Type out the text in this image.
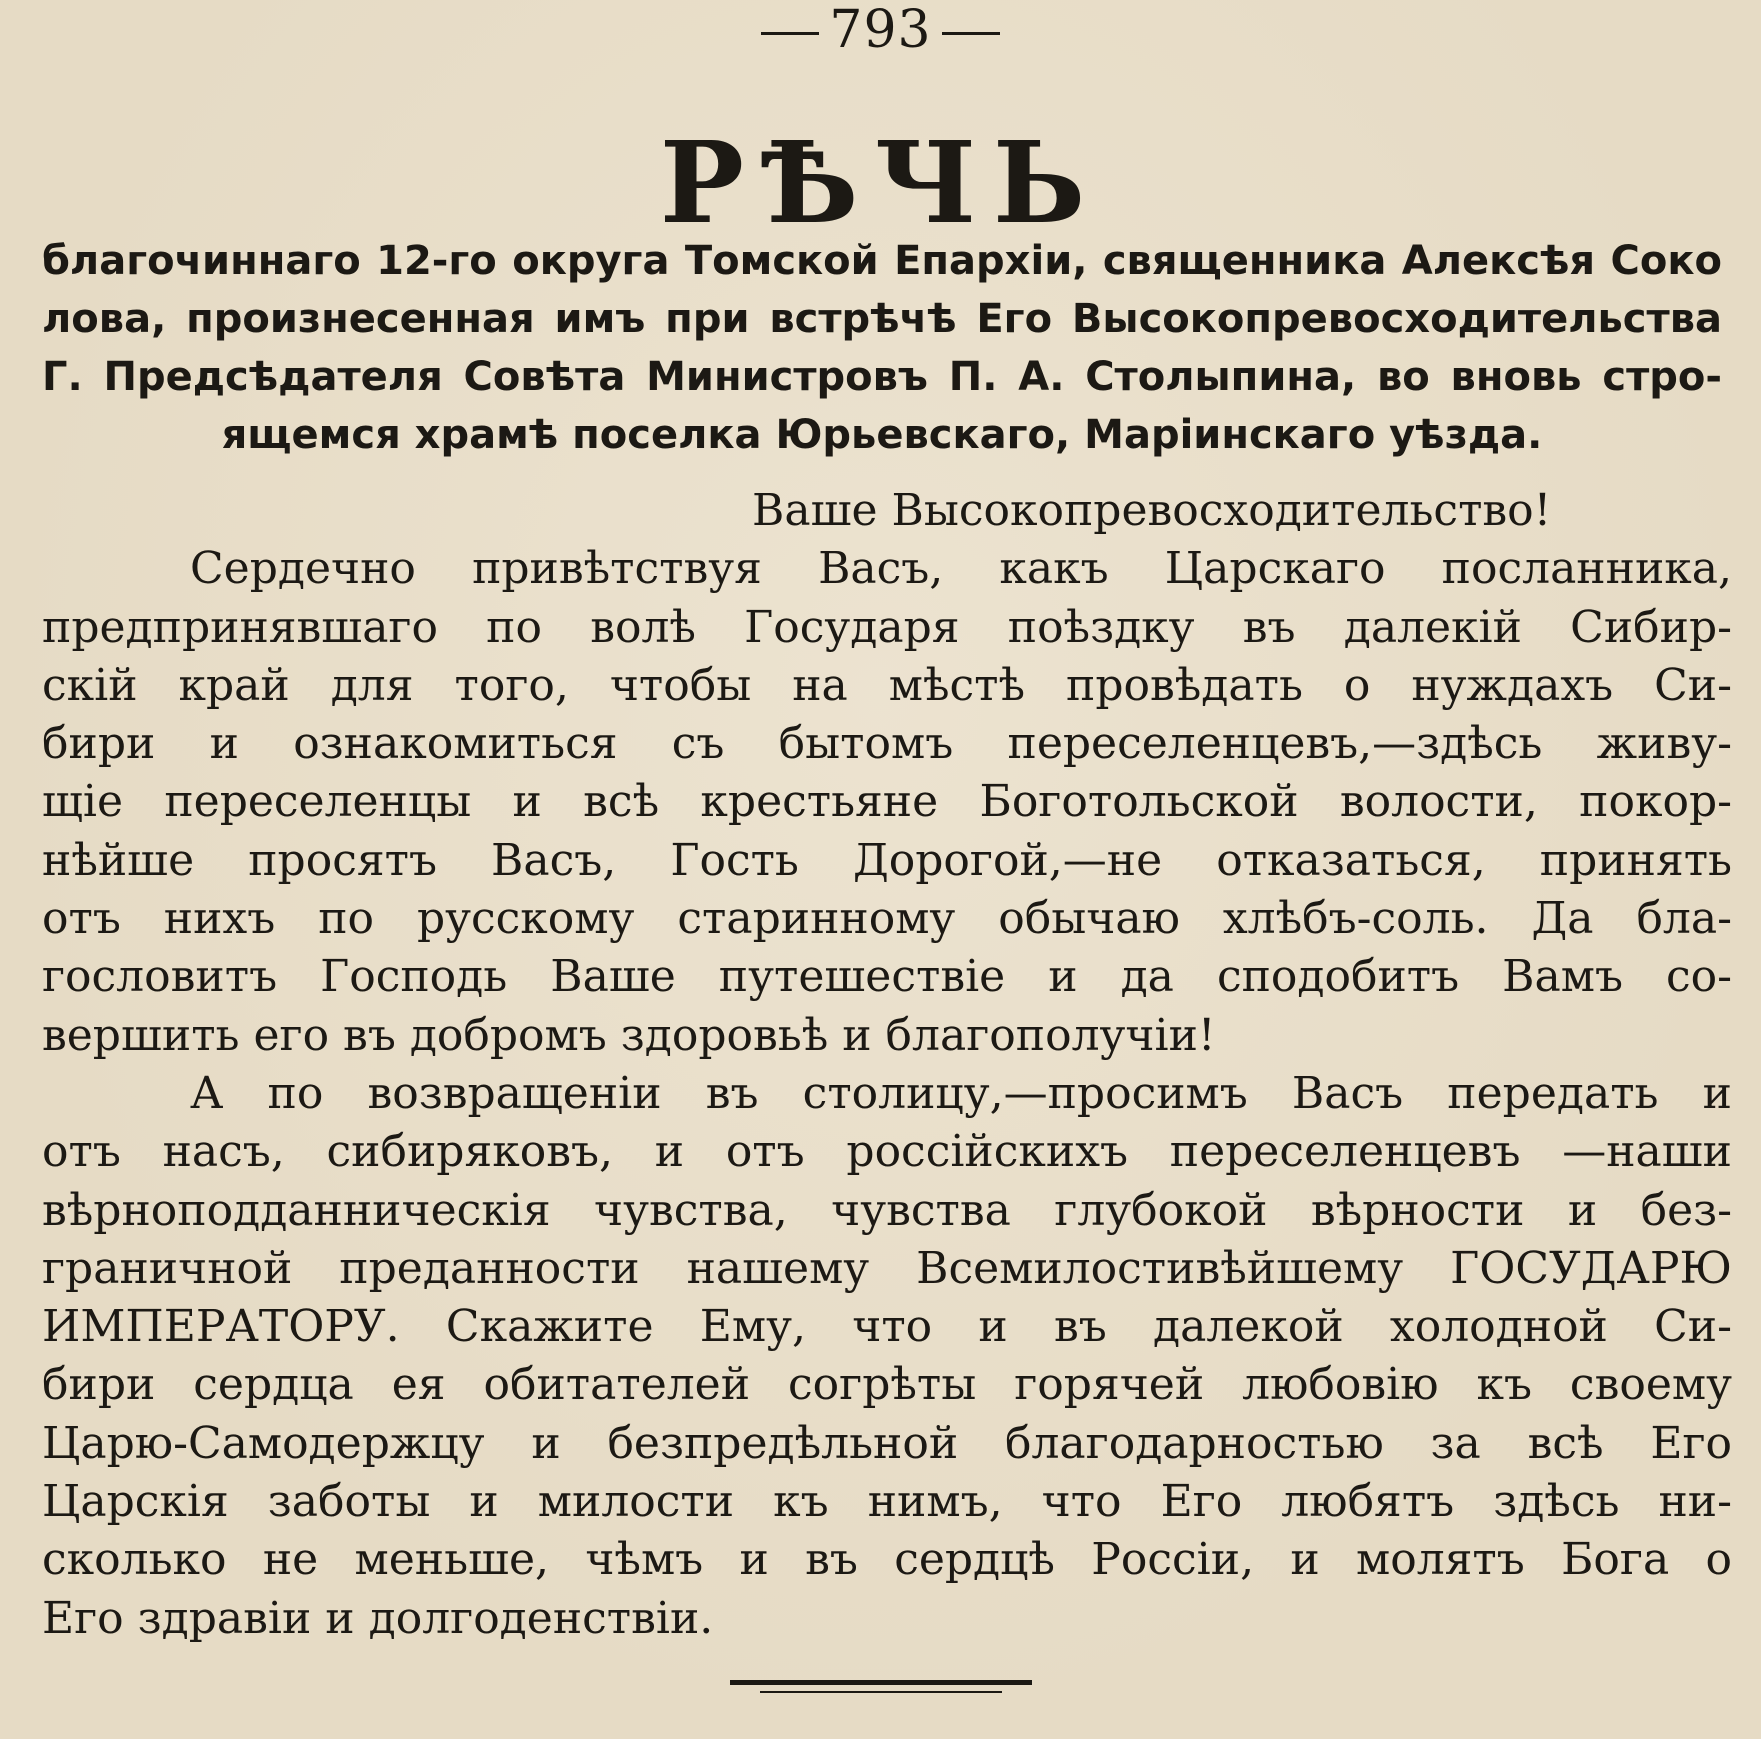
793
РѢЧЬ
благочиннаго 12-го округа Томской Епархіи, священника Алексѣя Соко
лова, произнесенная имъ при встрѣчѣ Его Высокопревосходительства
Г. Предсѣдателя Совѣта Министровъ П. А. Столыпина, во вновь стро-
ящемся храмѣ поселка Юрьевскаго, Маріинскаго уѣзда.
Ваше Высокопревосходительство!
Сердечно привѣтствуя Васъ, какъ Царскаго посланника,
предпринявшаго по волѣ Государя поѣздку въ далекій Сибир-
скій край для того, чтобы на мѣстѣ провѣдать о нуждахъ Си-
бири и ознакомиться съ бытомъ переселенцевъ,—здѣсь живу-
щіе переселенцы и всѣ крестьяне Боготольской волости, покор-
нѣйше просятъ Васъ, Гость Дорогой,—не отказаться, принять
отъ нихъ по русскому старинному обычаю хлѣбъ-соль. Да бла-
гословитъ Господь Ваше путешествіе и да сподобитъ Вамъ со-
вершить его въ добромъ здоровьѣ и благополучіи!
А по возвращеніи въ столицу,—просимъ Васъ передать и
отъ насъ, сибиряковъ, и отъ россійскихъ переселенцевъ —наши
вѣрноподданническія чувства, чувства глубокой вѣрности и без-
граничной преданности нашему Всемилостивѣйшему ГОСУДАРЮ
ИМПЕРАТОРУ. Скажите Ему, что и въ далекой холодной Си-
бири сердца ея обитателей согрѣты горячей любовію къ своему
Царю-Самодержцу и безпредѣльной благодарностью за всѣ Его
Царскія заботы и милости къ нимъ, что Его любятъ здѣсь ни-
сколько не меньше, чѣмъ и въ сердцѣ Россіи, и молятъ Бога о
Его здравіи и долгоденствіи.
